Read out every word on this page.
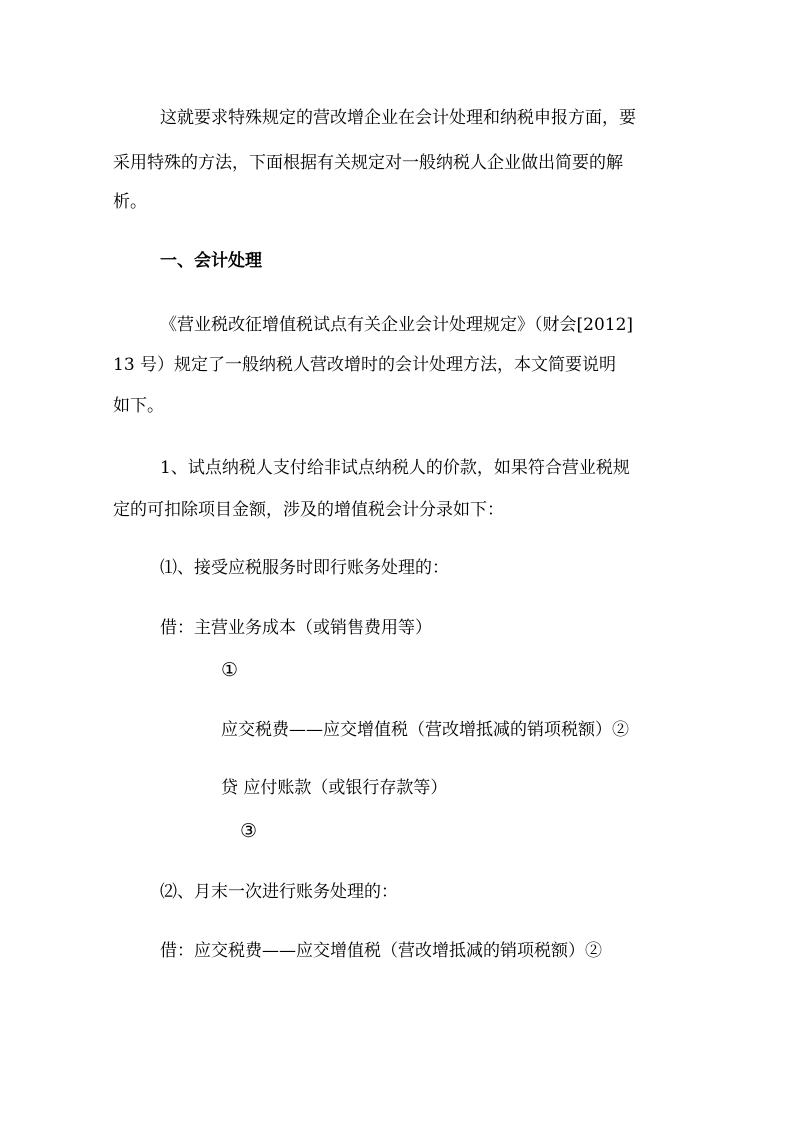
这就要求特殊规定的营改增企业在会计处理和纳税申报方面，要
采用特殊的方法，下面根据有关规定对一般纳税人企业做出简要的解
析。
一、会计处理
《营业税改征增值税试点有关企业会计处理规定》（财会[2012]
13 号）规定了一般纳税人营改增时的会计处理方法，本文简要说明
如下。
1、试点纳税人支付给非试点纳税人的价款，如果符合营业税规
定的可扣除项目金额，涉及的增值税会计分录如下：
⑴、接受应税服务时即行账务处理的：
借：主营业务成本（或销售费用等）
①
应交税费——应交增值税（营改增抵减的销项税额）②
贷 应付账款（或银行存款等）
③
⑵、月末一次进行账务处理的：
借：应交税费——应交增值税（营改增抵减的销项税额）②
